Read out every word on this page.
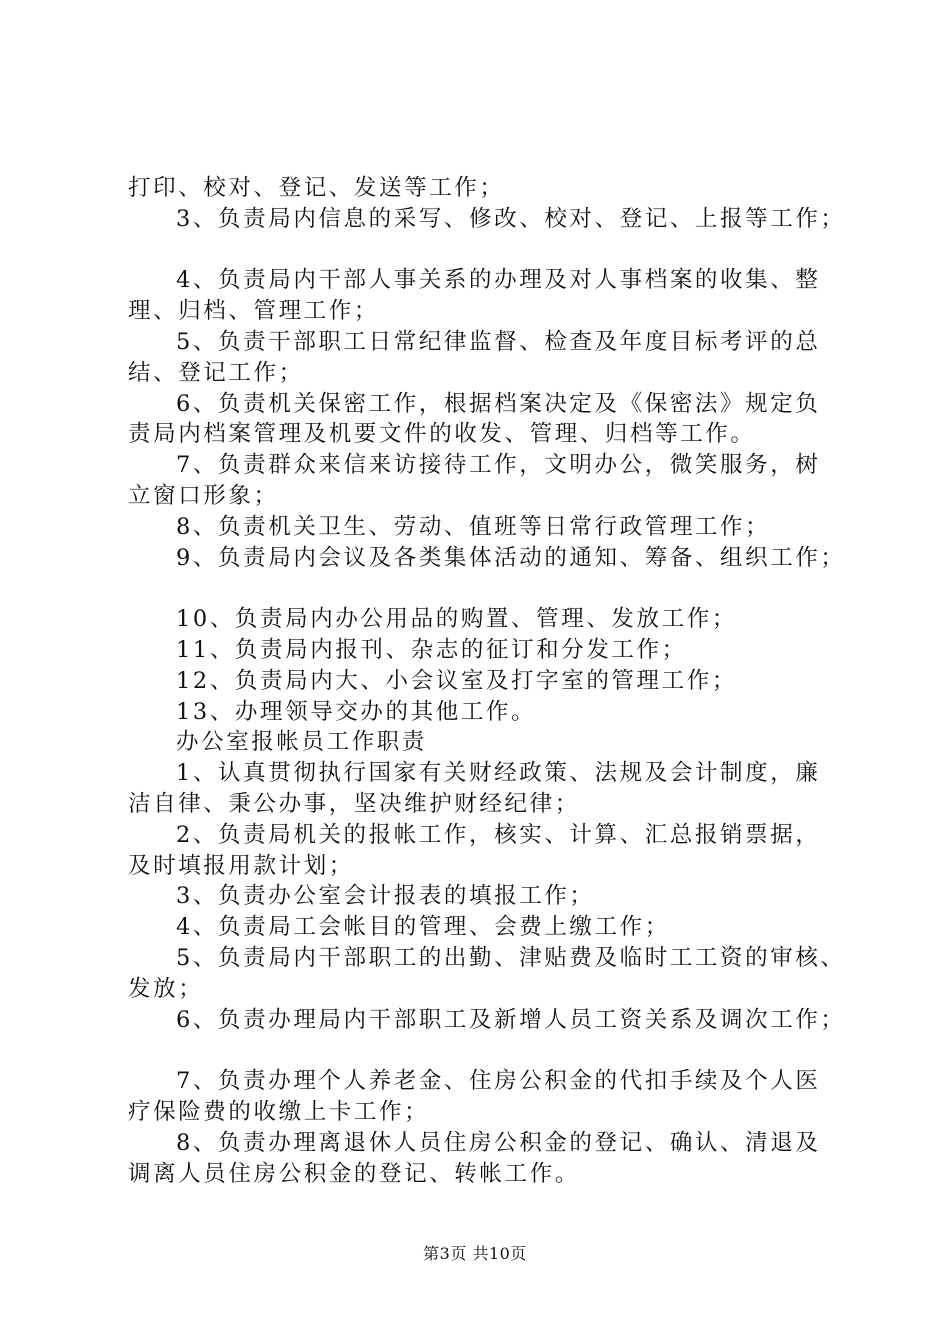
打印、校对、登记、发送等工作；
3、负责局内信息的采写、修改、校对、登记、上报等工作；
4、负责局内干部人事关系的办理及对人事档案的收集、整
理、归档、管理工作；
5、负责干部职工日常纪律监督、检查及年度目标考评的总
结、登记工作；
6、负责机关保密工作，根据档案决定及《保密法》规定负
责局内档案管理及机要文件的收发、管理、归档等工作。
7、负责群众来信来访接待工作，文明办公，微笑服务，树
立窗口形象；
8、负责机关卫生、劳动、值班等日常行政管理工作；
9、负责局内会议及各类集体活动的通知、筹备、组织工作；
10、负责局内办公用品的购置、管理、发放工作；
11、负责局内报刊、杂志的征订和分发工作；
12、负责局内大、小会议室及打字室的管理工作；
13、办理领导交办的其他工作。
办公室报帐员工作职责
1、认真贯彻执行国家有关财经政策、法规及会计制度，廉
洁自律、秉公办事，坚决维护财经纪律；
2、负责局机关的报帐工作，核实、计算、汇总报销票据，
及时填报用款计划；
3、负责办公室会计报表的填报工作；
4、负责局工会帐目的管理、会费上缴工作；
5、负责局内干部职工的出勤、津贴费及临时工工资的审核、
发放；
6、负责办理局内干部职工及新增人员工资关系及调次工作；
7、负责办理个人养老金、住房公积金的代扣手续及个人医
疗保险费的收缴上卡工作；
8、负责办理离退休人员住房公积金的登记、确认、清退及
调离人员住房公积金的登记、转帐工作。
第3页 共10页
